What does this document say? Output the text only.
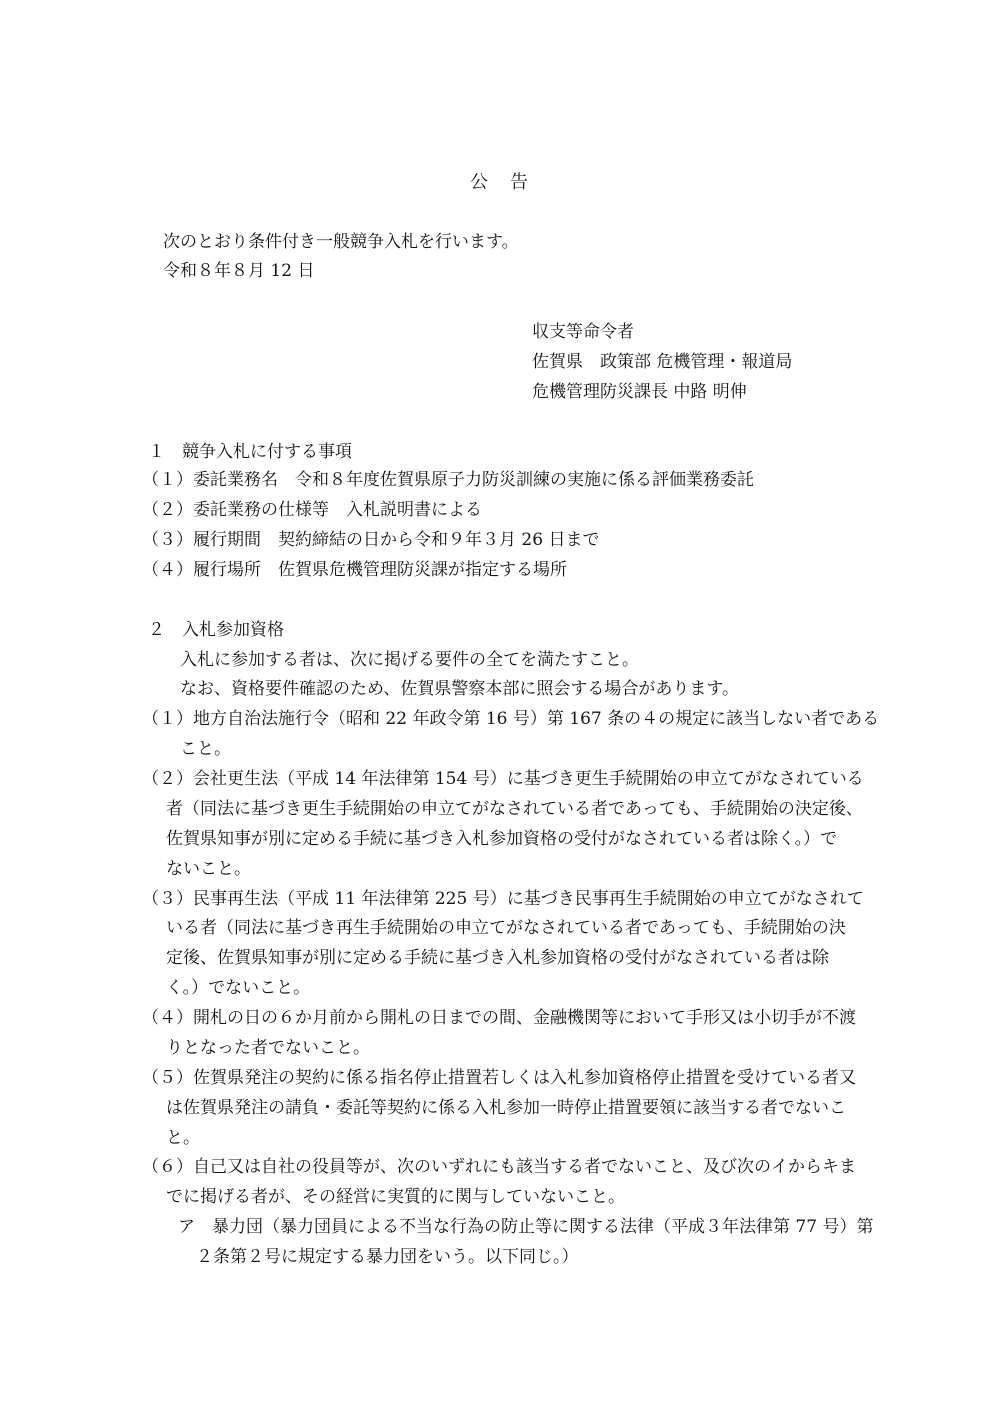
公　告
次のとおり条件付き一般競争入札を行います。
令和８年８月 12 日
収支等命令者
佐賀県　政策部 危機管理・報道局
危機管理防災課長 中路 明伸
１　競争入札に付する事項
（１）委託業務名　令和８年度佐賀県原子力防災訓練の実施に係る評価業務委託
（２）委託業務の仕様等　入札説明書による
（３）履行期間　契約締結の日から令和９年３月 26 日まで
（４）履行場所　佐賀県危機管理防災課が指定する場所
２　入札参加資格
入札に参加する者は、次に掲げる要件の全てを満たすこと。
なお、資格要件確認のため、佐賀県警察本部に照会する場合があります。
（１）地方自治法施行令（昭和 22 年政令第 16 号）第 167 条の４の規定に該当しない者である
こと。
（２）会社更生法（平成 14 年法律第 154 号）に基づき更生手続開始の申立てがなされている
者（同法に基づき更生手続開始の申立てがなされている者であっても、手続開始の決定後、
佐賀県知事が別に定める手続に基づき入札参加資格の受付がなされている者は除く。）で
ないこと。
（３）民事再生法（平成 11 年法律第 225 号）に基づき民事再生手続開始の申立てがなされて
いる者（同法に基づき再生手続開始の申立てがなされている者であっても、手続開始の決
定後、佐賀県知事が別に定める手続に基づき入札参加資格の受付がなされている者は除
く。）でないこと。
（４）開札の日の６か月前から開札の日までの間、金融機関等において手形又は小切手が不渡
りとなった者でないこと。
（５）佐賀県発注の契約に係る指名停止措置若しくは入札参加資格停止措置を受けている者又
は佐賀県発注の請負・委託等契約に係る入札参加一時停止措置要領に該当する者でないこ
と。
（６）自己又は自社の役員等が、次のいずれにも該当する者でないこと、及び次のイからキま
でに掲げる者が、その経営に実質的に関与していないこと。
ア　暴力団（暴力団員による不当な行為の防止等に関する法律（平成３年法律第 77 号）第
２条第２号に規定する暴力団をいう。以下同じ。）
